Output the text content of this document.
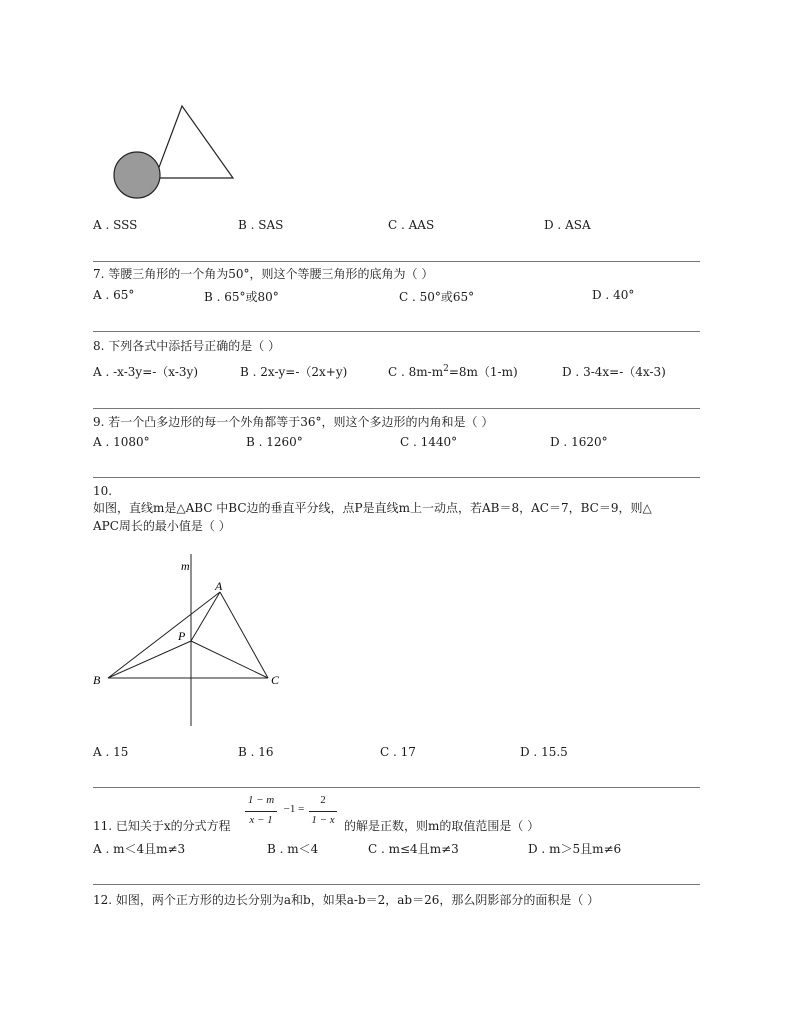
A . SSS	B . SAS	C . AAS	D . ASA
7. 等腰三角形的一个角为50°，则这个等腰三角形的底角为（ ）
A . 65°	B . 65°或80°	C . 50°或65°	D . 40°
8. 下列各式中添括号正确的是（ ）
A . -x-3y=-（x-3y)	B . 2x-y=-（2x+y)	C . $8m-m^2=8m(1-m)$	D . 3-4x=-（4x-3)
9. 若一个凸多边形的每一个外角都等于36°，则这个多边形的内角和是（ ）
A . 1080°	B . 1260°	C . 1440°	D . 1620°
10.
如图，直线m是△ABC 中BC边的垂直平分线，点P是直线m上一动点，若AB＝8，AC＝7，BC＝9，则△
APC周长的最小值是（ ）
m
A
P
B	C
A . 15	B . 16	C . 17	D . 15.5
11. 已知关于x的分式方程
1 − m
x − 1
−1 =
2
1 − x 的解是正数，则m的取值范围是（ ）
A . m＜4且m≠3	B . m＜4	C . m≤4且m≠3	D . m＞5且m≠6
12. 如图，两个正方形的边长分别为a和b，如果a-b＝2，ab＝26，那么阴影部分的面积是（ ）
